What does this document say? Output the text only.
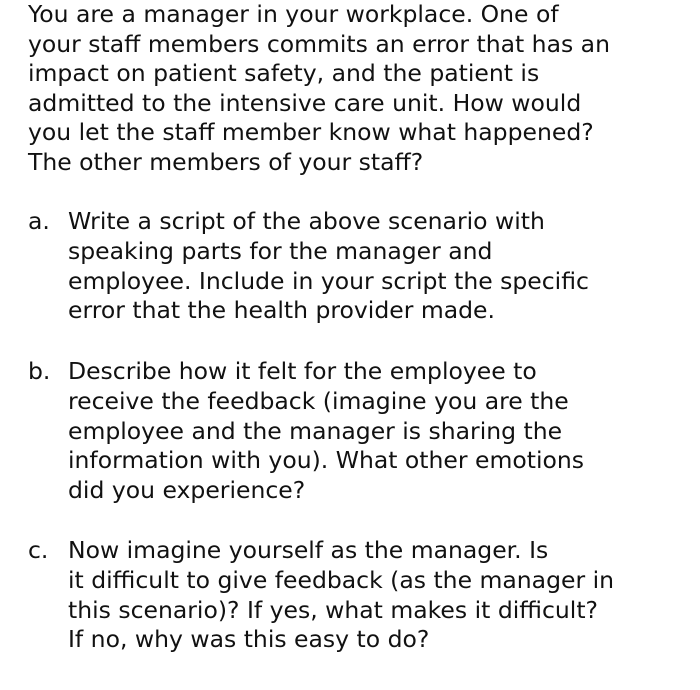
You are a manager in your workplace. One of
your staff members commits an error that has an
impact on patient safety, and the patient is
admitted to the intensive care unit. How would
you let the staff member know what happened?
The other members of your staff?
a. Write a script of the above scenario with
speaking parts for the manager and
employee. Include in your script the specific
error that the health provider made.
b. Describe how it felt for the employee to
receive the feedback (imagine you are the
employee and the manager is sharing the
information with you). What other emotions
did you experience?
c. Now imagine yourself as the manager. Is
it difficult to give feedback (as the manager in
this scenario)? If yes, what makes it difficult?
If no, why was this easy to do?
